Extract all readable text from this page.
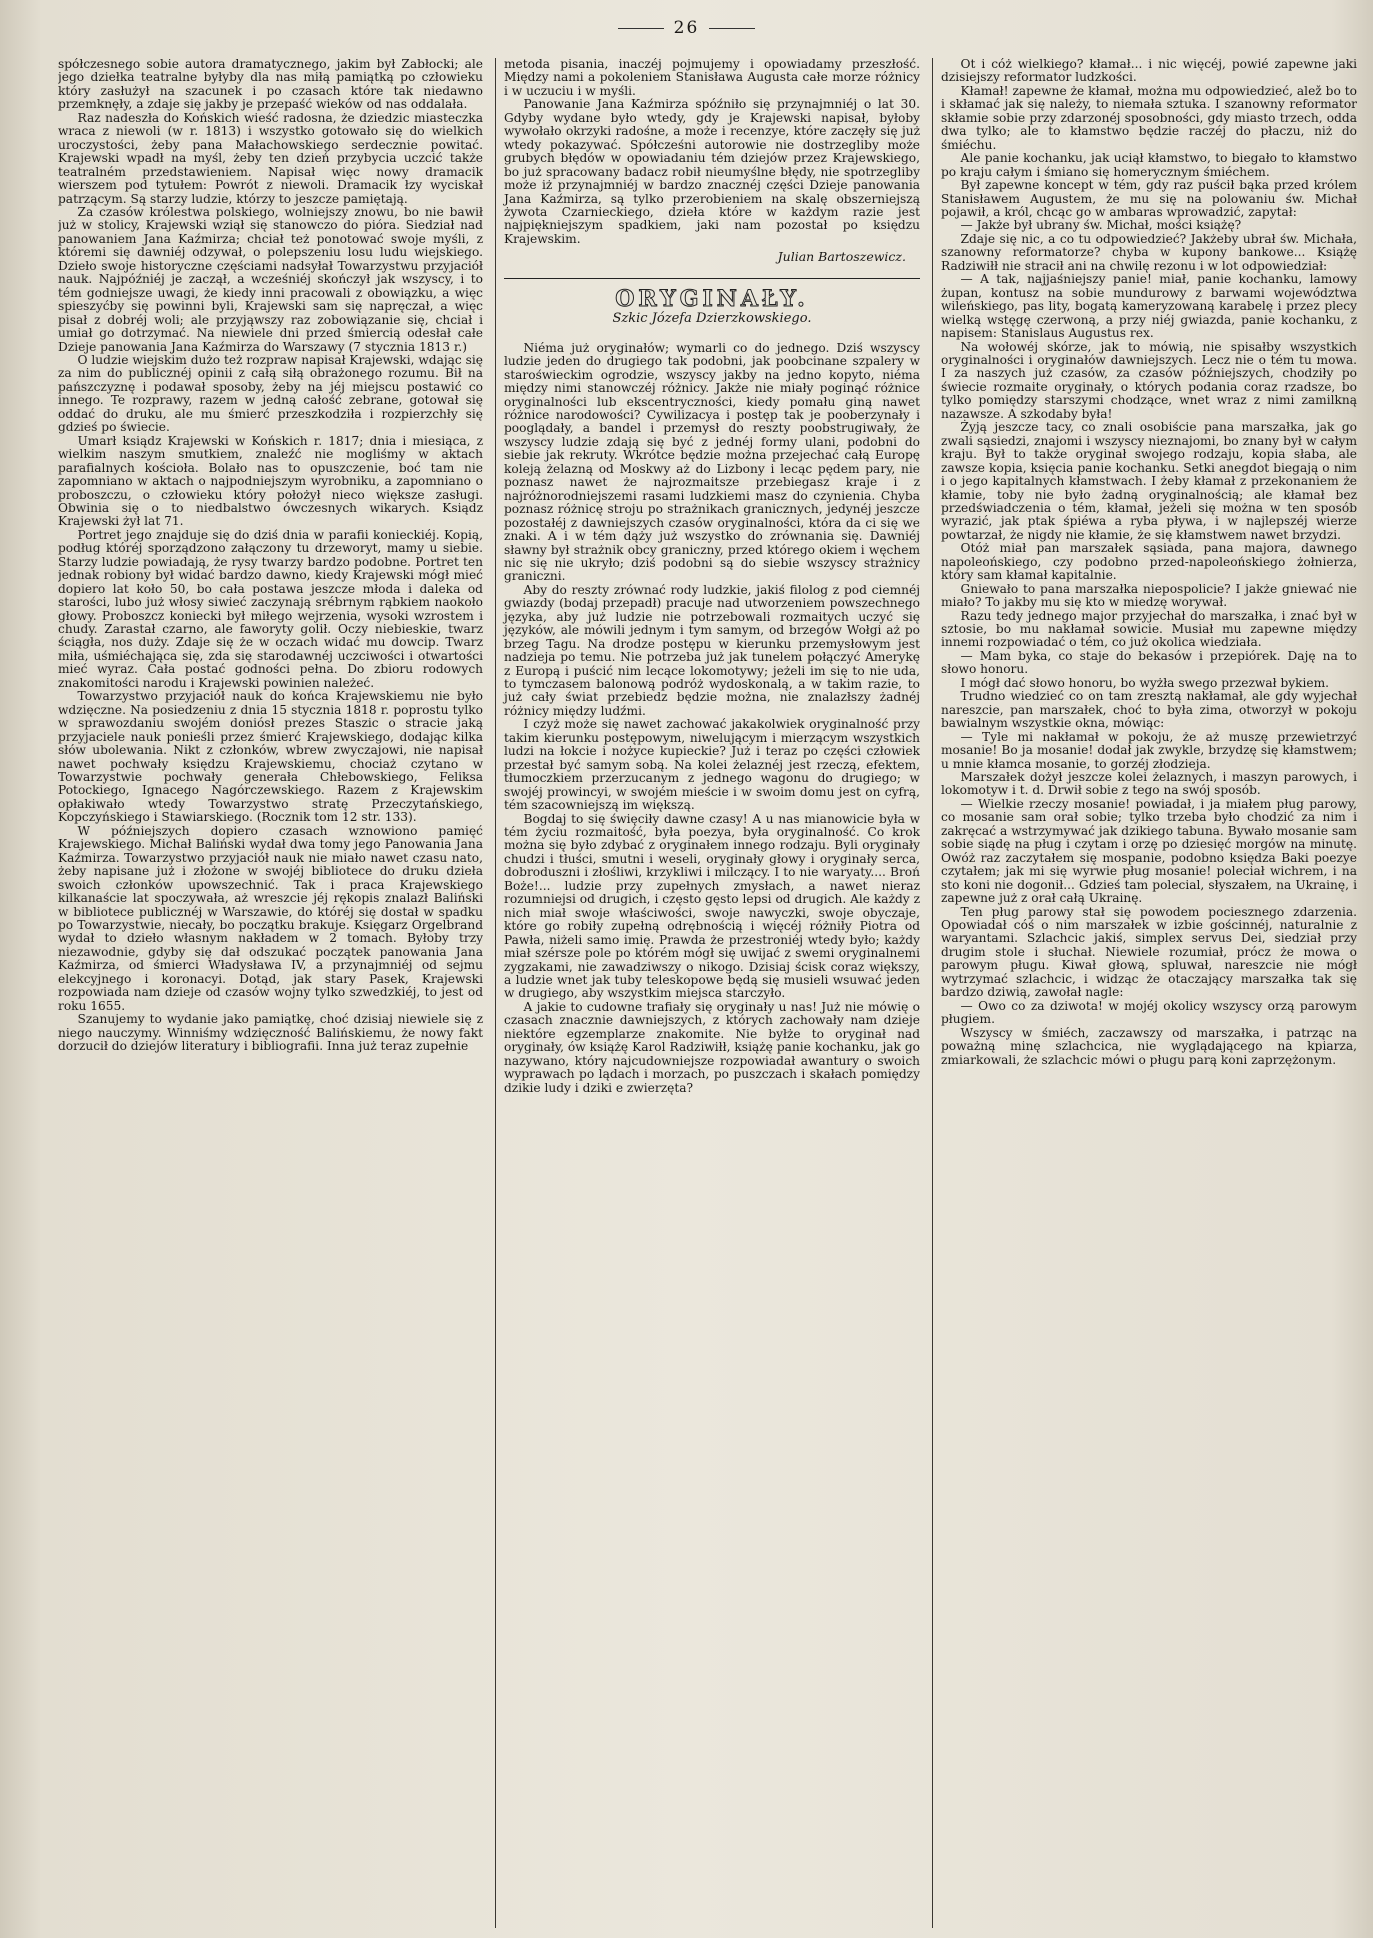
26

spółczesnego sobie autora dramatycznego, jakim był Zabłocki; ale jego dziełka teatralne byłyby dla nas miłą pamiątką po człowieku który zasłużył na szacunek i po czasach które tak niedawno przemknęły, a zdaje się jakby je przepaść wieków od nas oddalała.

Raz nadeszła do Końskich wieść radosna, że dziedzic miasteczka wraca z niewoli (w r. 1813) i wszystko gotowało się do wielkich uroczystości, żeby pana Małachowskiego serdecznie powitać. Krajewski wpadł na myśl, żeby ten dzień przybycia uczcić także teatralném przedstawieniem. Napisał więc nowy dramacik wierszem pod tytułem: Powrót z niewoli. Dramacik łzy wyciskał patrzącym. Są starzy ludzie, którzy to jeszcze pamiętają.

Za czasów królestwa polskiego, wolniejszy znowu, bo nie bawił już w stolicy, Krajewski wziął się stanowczo do pióra. Siedział nad panowaniem Jana Kaźmirza; chciał też ponotować swoje myśli, z któremi się dawniéj odzywał, o polepszeniu losu ludu wiejskiego. Dzieło swoje historyczne częściami nadsyłał Towarzystwu przyjaciół nauk. Najpóźniéj je zaczął, a wcześniéj skończył jak wszyscy, i to tém godniejsze uwagi, że kiedy inni pracowali z obowiązku, a więc spieszyćby się powinni byli, Krajewski sam się napręczał, a więc pisał z dobréj woli; ale przyjąwszy raz zobowiązanie się, chciał i umiał go dotrzymać. Na niewiele dni przed śmiercią odesłał całe Dzieje panowania Jana Kaźmirza do Warszawy (7 stycznia 1813 r.)

O ludzie wiejskim dużo też rozpraw napisał Krajewski, wdając się za nim do publicznéj opinii z całą siłą obrażonego rozumu. Bił na pańszczyznę i podawał sposoby, żeby na jéj miejscu postawić co innego. Te rozprawy, razem w jedną całość zebrane, gotował się oddać do druku, ale mu śmierć przeszkodziła i rozpierzchły się gdzieś po świecie.

Umarł ksiądz Krajewski w Końskich r. 1817; dnia i miesiąca, z wielkim naszym smutkiem, znaleźć nie mogliśmy w aktach parafialnych kościoła. Bolało nas to opuszczenie, boć tam nie zapomniano w aktach o najpodniejszym wyrobniku, a zapomniano o proboszczu, o człowieku który położył nieco większe zasługi. Obwinia się o to niedbalstwo ówczesnych wikarych. Ksiądz Krajewski żył lat 71.

Portret jego znajduje się do dziś dnia w parafii konieckiéj. Kopią, podług któréj sporządzono załączony tu drzeworyt, mamy u siebie. Starzy ludzie powiadają, że rysy twarzy bardzo podobne. Portret ten jednak robiony był widać bardzo dawno, kiedy Krajewski mógł mieć dopiero lat koło 50, bo cała postawa jeszcze młoda i daleka od starości, lubo już włosy siwieć zaczynają srébrnym rąbkiem naokoło głowy. Proboszcz koniecki był miłego wejrzenia, wysoki wzrostem i chudy. Zarastał czarno, ale faworyty golił. Oczy niebieskie, twarz ściągła, nos duży. Zdaje się że w oczach widać mu dowcip. Twarz miła, uśmiéchająca się, zda się starodawnéj uczciwości i otwartości mieć wyraz. Cała postać godności pełna. Do zbioru rodowych znakomitości narodu i Krajewski powinien należeć.

Towarzystwo przyjaciół nauk do końca Krajewskiemu nie było wdzięczne. Na posiedzeniu z dnia 15 stycznia 1818 r. poprostu tylko w sprawozdaniu swojém doniósł prezes Staszic o stracie jaką przyjaciele nauk ponieśli przez śmierć Krajewskiego, dodając kilka słów ubolewania. Nikt z członków, wbrew zwyczajowi, nie napisał nawet pochwały księdzu Krajewskiemu, chociaż czytano w Towarzystwie pochwały generała Chłebowskiego, Feliksa Potockiego, Ignacego Nagórczewskiego. Razem z Krajewskim opłakiwało wtedy Towarzystwo stratę Przeczytańskiego, Kopczyńskiego i Stawiarskiego. (Rocznik tom 12 str. 133).

W późniejszych dopiero czasach wznowiono pamięć Krajewskiego. Michał Baliński wydał dwa tomy jego Panowania Jana Kaźmirza. Towarzystwo przyjaciół nauk nie miało nawet czasu nato, żeby napisane już i złożone w swojéj bibliotece do druku dzieła swoich członków upowszechnić. Tak i praca Krajewskiego kilkanaście lat spoczywała, aż wreszcie jéj rękopis znalazł Baliński w bibliotece publicznéj w Warszawie, do któréj się dostał w spadku po Towarzystwie, niecały, bo początku brakuje. Księgarz Orgelbrand wydał to dzieło własnym nakładem w 2 tomach. Byłoby trzy niezawodnie, gdyby się dał odszukać początek panowania Jana Kaźmirza, od śmierci Władysława IV, a przynajmniéj od sejmu elekcyjnego i koronacyi. Dotąd, jak stary Pasek, Krajewski rozpowiada nam dzieje od czasów wojny tylko szwedzkiéj, to jest od roku 1655.

Szanujemy to wydanie jako pamiątkę, choć dzisiaj niewiele się z niego nauczymy. Winniśmy wdzięczność Balińskiemu, że nowy fakt dorzucił do dziejów literatury i bibliografii. Inna już teraz zupełnie

metoda pisania, inaczéj pojmujemy i opowiadamy przeszłość. Między nami a pokoleniem Stanisława Augusta całe morze różnicy i w uczuciu i w myśli.

Panowanie Jana Kaźmirza spóźniło się przynajmniéj o lat 30. Gdyby wydane było wtedy, gdy je Krajewski napisał, byłoby wywołało okrzyki radośne, a może i recenzye, które zaczęły się już wtedy pokazywać. Spółcześni autorowie nie dostrzegliby może grubych błędów w opowiadaniu tém dziejów przez Krajewskiego, bo już spracowany badacz robił nieumyślne błędy, nie spotrzegliby może iż przynajmniéj w bardzo znacznéj części Dzieje panowania Jana Kaźmirza, są tylko przerobieniem na skalę obszerniejszą żywota Czarnieckiego, dzieła które w każdym razie jest najpiękniejszym spadkiem, jaki nam pozostał po księdzu Krajewskim.

Julian Bartoszewicz.
ORYGINAŁY.
Szkic Józefa Dzierzkowskiego.

Niéma już oryginałów; wymarli co do jednego. Dziś wszyscy ludzie jeden do drugiego tak podobni, jak poobcinane szpalery w staroświeckim ogrodzie, wszyscy jakby na jedno kopyto, niéma między nimi stanowczéj różnicy. Jakże nie miały poginąć różnice oryginalności lub ekscentryczności, kiedy pomału giną nawet różnice narodowości? Cywilizacya i postęp tak je pooberzynały i pooglądały, a bandel i przemysł do reszty poobstrugiwały, że wszyscy ludzie zdają się być z jednéj formy ulani, podobni do siebie jak rekruty. Wkrótce będzie można przejechać całą Europę koleją żelazną od Moskwy aż do Lizbony i lecąc pędem pary, nie poznasz nawet że najrozmaitsze przebiegasz kraje i z najróżnorodniejszemi rasami ludzkiemi masz do czynienia. Chyba poznasz różnicę stroju po strażnikach granicznych, jedynéj jeszcze pozostałéj z dawniejszych czasów oryginalności, która da ci się we znaki. A i w tém dąży już wszystko do zrównania się. Dawniéj sławny był strażnik obcy graniczny, przed którego okiem i węchem nic się nie ukryło; dziś podobni są do siebie wszyscy strażnicy graniczni.

Aby do reszty zrównać rody ludzkie, jakiś filolog z pod ciemnéj gwiazdy (bodaj przepadł) pracuje nad utworzeniem powszechnego języka, aby już ludzie nie potrzebowali rozmaitych uczyć się języków, ale mówili jednym i tym samym, od brzegów Wołgi aż po brzeg Tagu. Na drodze postępu w kierunku przemysłowym jest nadzieja po temu. Nie potrzeba już jak tunelem połączyć Amerykę z Europą i puścić nim lecące lokomotywy; jeżeli im się to nie uda, to tymczasem balonową podróż wydoskonalą, a w takim razie, to już cały świat przebiedz będzie można, nie znalazłszy żadnéj różnicy między ludźmi.

I czyż może się nawet zachować jakakolwiek oryginalność przy takim kierunku postępowym, niwelującym i mierzącym wszystkich ludzi na łokcie i nożyce kupieckie? Już i teraz po części człowiek przestał być samym sobą. Na kolei żelaznéj jest rzeczą, efektem, tłumoczkiem przerzucanym z jednego wagonu do drugiego; w swojéj prowincyi, w swojém mieście i w swoim domu jest on cyfrą, tém szacowniejszą im większą.

Bogdaj to się święciły dawne czasy! A u nas mianowicie była w tém życiu rozmaitość, była poezya, była oryginalność. Co krok można się było zdybać z oryginałem innego rodzaju. Byli oryginały chudzi i tłuści, smutni i weseli, oryginały głowy i oryginały serca, dobroduszni i złośliwi, krzykliwi i milczący. I to nie waryaty.... Broń Boże!... ludzie przy zupełnych zmysłach, a nawet nieraz rozumniejsi od drugich, i często gęsto lepsi od drugich. Ale każdy z nich miał swoje właściwości, swoje nawyczki, swoje obyczaje, które go robiły zupełną odrębnością i więcéj różniły Piotra od Pawła, niżeli samo imię. Prawda że przestroniéj wtedy było; każdy miał szérsze pole po którém mógł się uwijać z swemi oryginalnemi zygzakami, nie zawadziwszy o nikogo. Dzisiaj ścisk coraz większy, a ludzie wnet jak tuby teleskopowe będą się musieli wsuwać jeden w drugiego, aby wszystkim miejsca starczyło.

A jakie to cudowne trafiały się oryginały u nas! Już nie mówię o czasach znacznie dawniejszych, z których zachowały nam dzieje niektóre egzemplarze znakomite. Nie byłże to oryginał nad oryginały, ów książę Karol Radziwiłł, książę panie kochanku, jak go nazywano, który najcudowniejsze rozpowiadał awantury o swoich wyprawach po lądach i morzach, po puszczach i skałach pomiędzy dzikie ludy i dziki e zwierzęta?

Ot i cóż wielkiego? kłamał... i nic więcéj, powié zapewne jaki dzisiejszy reformator ludzkości.

Kłamał! zapewne że kłamał, można mu odpowiedzieć, alež bo to i skłamać jak się należy, to niemała sztuka. I szanowny reformator skłamie sobie przy zdarzonéj sposobności, gdy miasto trzech, odda dwa tylko; ale to kłamstwo będzie raczéj do płaczu, niż do śmiéchu.

Ale panie kochanku, jak uciął kłamstwo, to biegało to kłamstwo po kraju całym i śmiano się homerycznym śmiéchem.

Był zapewne koncept w tém, gdy raz puścił bąka przed królem Stanisławem Augustem, że mu się na polowaniu św. Michał pojawił, a król, chcąc go w ambaras wprowadzić, zapytał:

— Jakże był ubrany św. Michał, mości książę?

Zdaje się nic, a co tu odpowiedzieć? Jakżeby ubrał św. Michała, szanowny reformatorze? chyba w kupony bankowe... Książę Radziwiłł nie stracił ani na chwilę rezonu i w lot odpowiedział:

— A tak, najjaśniejszy panie! miał, panie kochanku, lamowy żupan, kontusz na sobie mundurowy z barwami województwa wileńskiego, pas lity, bogatą kameryzowaną karabelę i przez plecy wielką wstęgę czerwoną, a przy niéj gwiazda, panie kochanku, z napisem: Stanislaus Augustus rex.

Na wołowéj skórze, jak to mówią, nie spisałby wszystkich oryginalności i oryginałów dawniejszych. Lecz nie o tém tu mowa. I za naszych już czasów, za czasów późniejszych, chodziły po świecie rozmaite oryginały, o których podania coraz rzadsze, bo tylko pomiędzy starszymi chodzące, wnet wraz z nimi zamilkną nazawsze. A szkodaby była!

Żyją jeszcze tacy, co znali osobiście pana marszałka, jak go zwali sąsiedzi, znajomi i wszyscy nieznajomi, bo znany był w całym kraju. Był to także oryginał swojego rodzaju, kopia słaba, ale zawsze kopia, księcia panie kochanku. Setki anegdot biegają o nim i o jego kapitalnych kłamstwach. I żeby kłamał z przekonaniem że kłamie, toby nie było żadną oryginalnością; ale kłamał bez przedświadczenia o tém, kłamał, jeżeli się można w ten sposób wyrazić, jak ptak śpiéwa a ryba pływa, i w najlepszéj wierze powtarzał, że nigdy nie kłamie, że się kłamstwem nawet brzydzi.

Otóż miał pan marszałek sąsiada, pana majora, dawnego napoleońskiego, czy podobno przed-napoleońskiego żołnierza, który sam kłamał kapitalnie.

Gniewało to pana marszałka niepospolicie? I jakże gniewać nie miało? To jakby mu się kto w miedzę worywał.

Razu tedy jednego major przyjechał do marszałka, i znać był w sztosie, bo mu nakłamał sowicie. Musiał mu zapewne między innemi rozpowiadać o tém, co już okolica wiedziała.

— Mam byka, co staje do bekasów i przepiórek. Daję na to słowo honoru.

I mógł dać słowo honoru, bo wyżła swego przezwał bykiem.

Trudno wiedzieć co on tam zresztą nakłamał, ale gdy wyjechał nareszcie, pan marszałek, choć to była zima, otworzył w pokoju bawialnym wszystkie okna, mówiąc:

— Tyle mi nakłamał w pokoju, że aż muszę przewietrzyć mosanie! Bo ja mosanie! dodał jak zwykle, brzydzę się kłamstwem; u mnie kłamca mosanie, to gorzéj złodzieja.

Marszałek dożył jeszcze kolei żelaznych, i maszyn parowych, i lokomotyw i t. d. Drwił sobie z tego na swój sposób.

— Wielkie rzeczy mosanie! powiadał, i ja miałem pług parowy, co mosanie sam orał sobie; tylko trzeba było chodzić za nim i zakręcać a wstrzymywać jak dzikiego tabuna. Bywało mosanie sam sobie siądę na pług i czytam i orzę po dziesięć morgów na minutę. Owóż raz zaczytałem się mospanie, podobno księdza Baki poezye czytałem; jak mi się wyrwie pług mosanie! poleciał wichrem, i na sto koni nie dogonił... Gdzieś tam polecial, słyszałem, na Ukrainę, i zapewne już z orał całą Ukrainę.

Ten pług parowy stał się powodem pociesznego zdarzenia. Opowiadał cóś o nim marszałek w izbie gościnnéj, naturalnie z waryantami. Szlachcic jakiś, simplex servus Dei, siedział przy drugim stole i słuchał. Niewiele rozumiał, prócz że mowa o parowym pługu. Kiwał głową, spluwał, nareszcie nie mógł wytrzymać szlachcic, i widząc że otaczający marszałka tak się bardzo dziwią, zawołał nagle:

— Owo co za dziwota! w mojéj okolicy wszyscy orzą parowym pługiem.

Wszyscy w śmiéch, zaczawszy od marszałka, i patrząc na poważną minę szlachcica, nie wyglądającego na kpiarza, zmiarkowali, że szlachcic mówi o pługu parą koni zaprzężonym.
